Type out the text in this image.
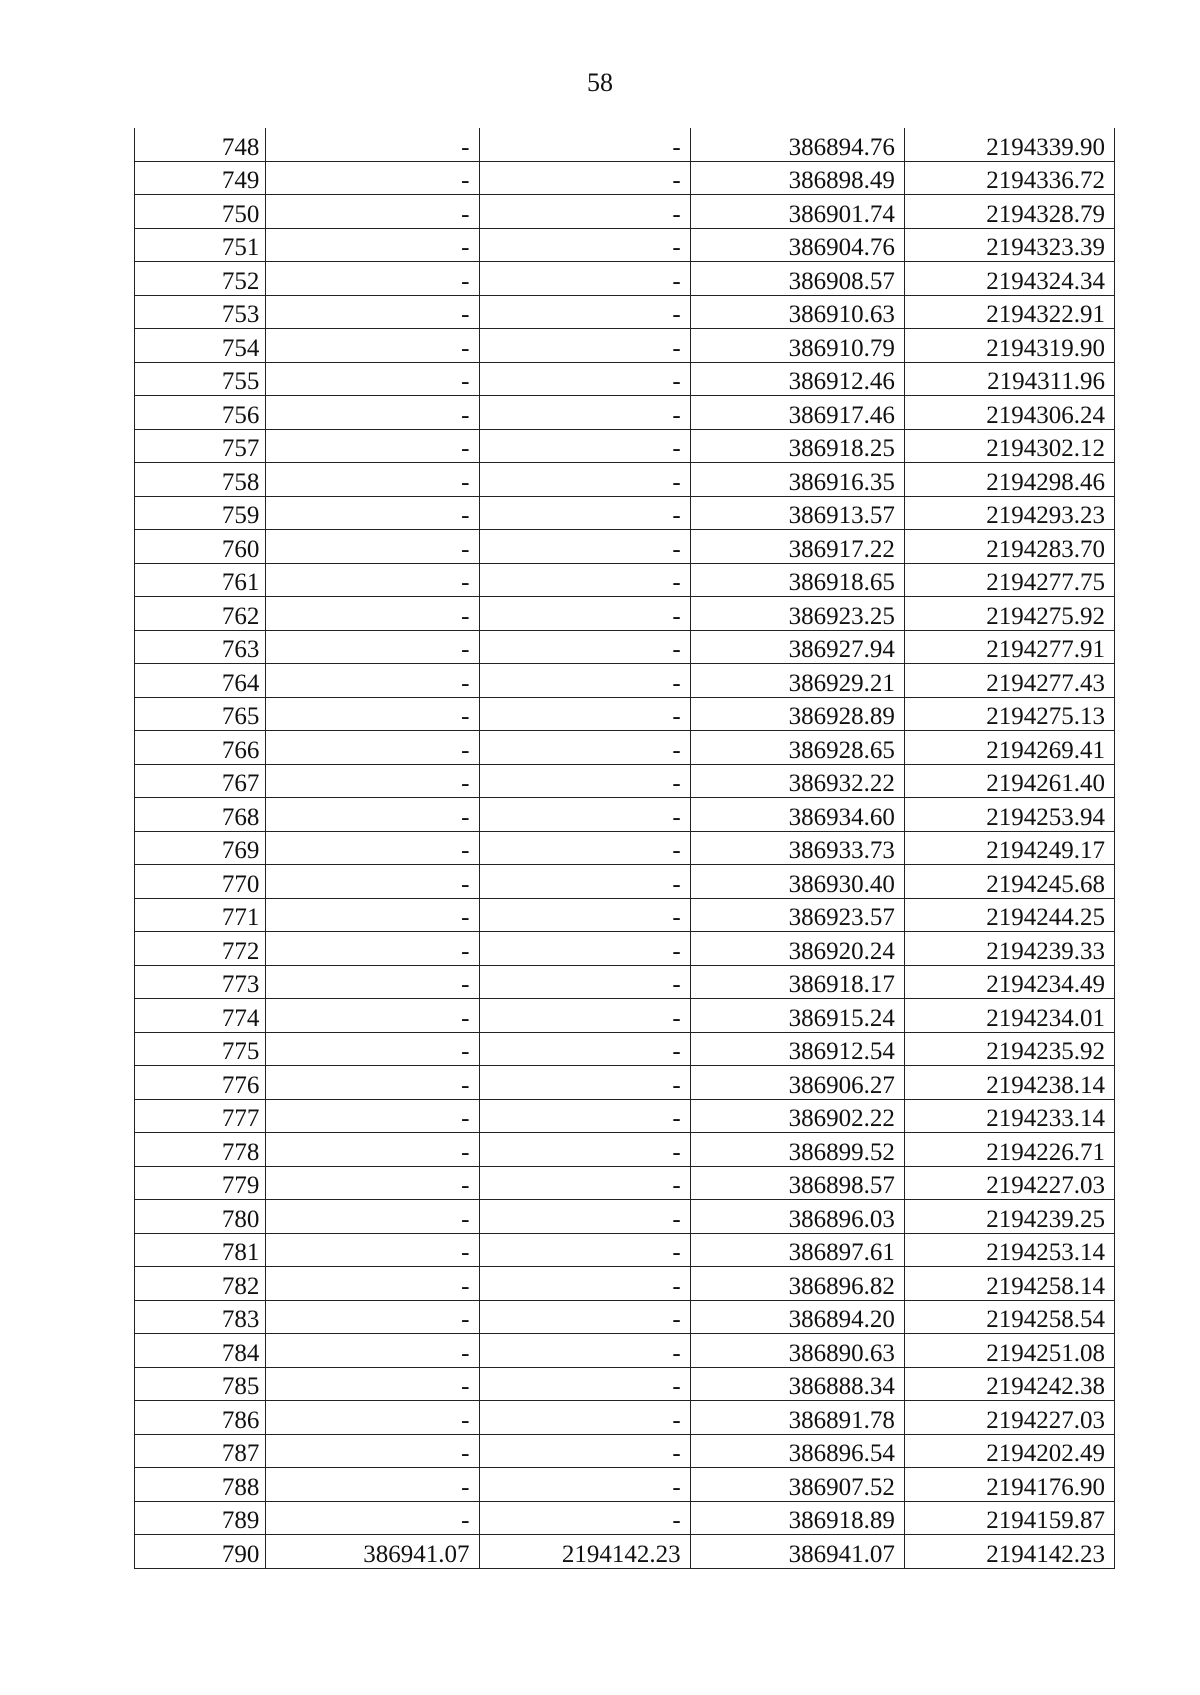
58
748	-	-	386894.76	2194339.90
749	-	-	386898.49	2194336.72
750	-	-	386901.74	2194328.79
751	-	-	386904.76	2194323.39
752	-	-	386908.57	2194324.34
753	-	-	386910.63	2194322.91
754	-	-	386910.79	2194319.90
755	-	-	386912.46	2194311.96
756	-	-	386917.46	2194306.24
757	-	-	386918.25	2194302.12
758	-	-	386916.35	2194298.46
759	-	-	386913.57	2194293.23
760	-	-	386917.22	2194283.70
761	-	-	386918.65	2194277.75
762	-	-	386923.25	2194275.92
763	-	-	386927.94	2194277.91
764	-	-	386929.21	2194277.43
765	-	-	386928.89	2194275.13
766	-	-	386928.65	2194269.41
767	-	-	386932.22	2194261.40
768	-	-	386934.60	2194253.94
769	-	-	386933.73	2194249.17
770	-	-	386930.40	2194245.68
771	-	-	386923.57	2194244.25
772	-	-	386920.24	2194239.33
773	-	-	386918.17	2194234.49
774	-	-	386915.24	2194234.01
775	-	-	386912.54	2194235.92
776	-	-	386906.27	2194238.14
777	-	-	386902.22	2194233.14
778	-	-	386899.52	2194226.71
779	-	-	386898.57	2194227.03
780	-	-	386896.03	2194239.25
781	-	-	386897.61	2194253.14
782	-	-	386896.82	2194258.14
783	-	-	386894.20	2194258.54
784	-	-	386890.63	2194251.08
785	-	-	386888.34	2194242.38
786	-	-	386891.78	2194227.03
787	-	-	386896.54	2194202.49
788	-	-	386907.52	2194176.90
789	-	-	386918.89	2194159.87
790	386941.07	2194142.23	386941.07	2194142.23
